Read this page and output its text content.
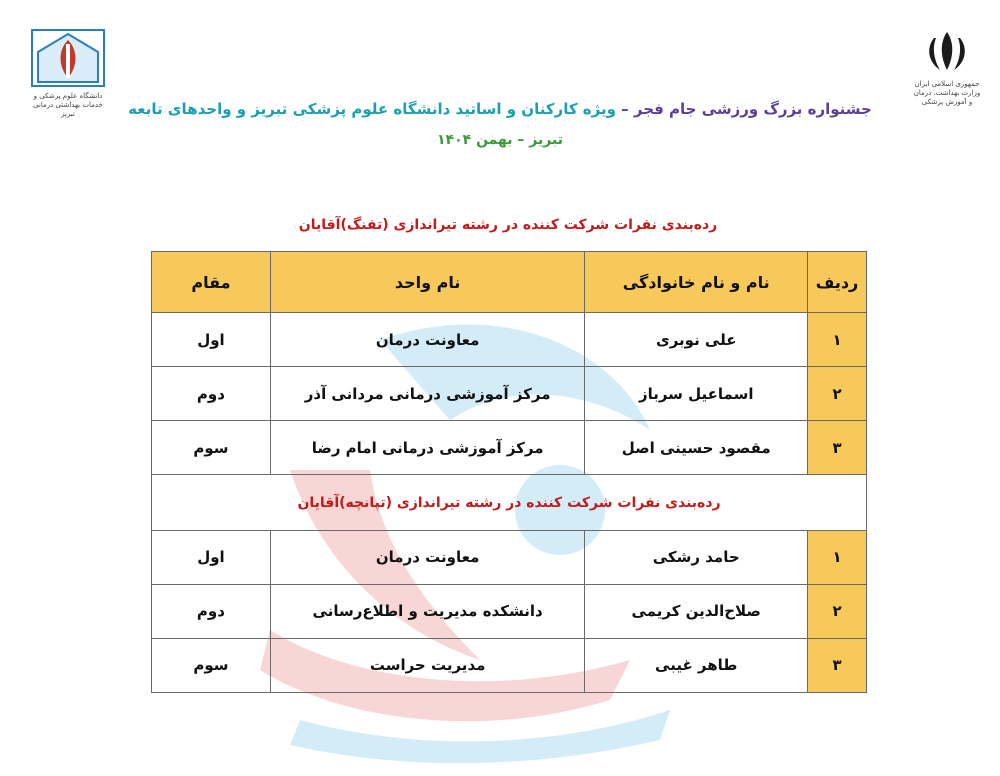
دانشگاه علوم پزشکی و خدمات بهداشتی درمانی تبریز
جمهوری اسلامی ایران وزارت بهداشت، درمان و آموزش پزشکی
جشنواره بزرگ ورزشی جام فجر – ویژه کارکنان و اساتید دانشگاه علوم پزشکی تبریز و واحدهای تابعه
تبریز – بهمن ۱۴۰۴
رده‌بندی نفرات شرکت کننده در رشته تیراندازی (تفنگ)آقایان
ردیف	نام و نام خانوادگی	نام واحد	مقام
۱	علی نوبری	معاونت درمان	اول
۲	اسماعیل سرباز	مرکز آموزشی درمانی مردانی آذر	دوم
۳	مقصود حسینی اصل	مرکز آموزشی درمانی امام رضا	سوم
رده‌بندی نفرات شرکت کننده در رشته تیراندازی (تپانچه)آقایان			
۱	حامد رشکی	معاونت درمان	اول
۲	صلاح‌الدین کریمی	دانشکده مدیریت و اطلاع‌رسانی	دوم
۳	طاهر غیبی	مدیریت حراست	سوم
